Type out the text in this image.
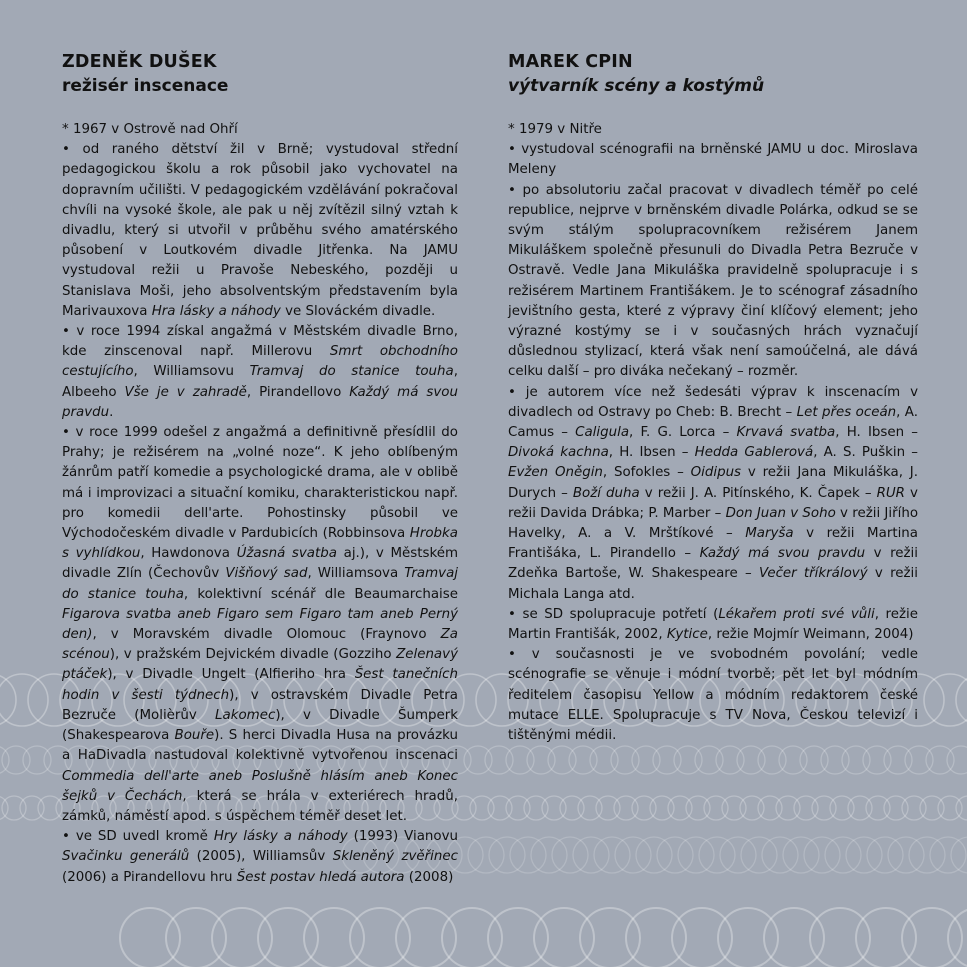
ZDENĚK DUŠEK
režisér inscenace

* 1967 v Ostrově nad Ohří

• od raného dětství žil v Brně; vystudoval střední pedagogickou školu a rok působil jako vychovatel na dopravním učilišti. V pedagogickém vzdělávání pokračoval chvíli na vysoké škole, ale pak u něj zvítězil silný vztah k divadlu, který si utvořil v průběhu svého amatérského působení v Loutkovém divadle Jitřenka. Na JAMU vystudoval režii u Pravoše Nebeského, později u Stanislava Moši, jeho absolventským představením byla Marivauxova Hra lásky a náhody ve Slováckém divadle.

• v roce 1994 získal angažmá v Městském divadle Brno, kde zinscenoval např. Millerovu Smrt obchodního cestujícího, Williamsovu Tramvaj do stanice touha, Albeeho Vše je v zahradě, Pirandellovo Každý má svou pravdu.

• v roce 1999 odešel z angažmá a definitivně přesídlil do Prahy; je režisérem na „volné noze“. K jeho oblíbeným žánrům patří komedie a psychologické drama, ale v oblibě má i improvizaci a situační komiku, charakteristickou např. pro komedii dell'arte. Pohostinsky působil ve Východočeském divadle v Pardubicích (Robbinsova Hrobka s vyhlídkou, Hawdonova Úžasná svatba aj.), v Městském divadle Zlín (Čechovův Višňový sad, Williamsova Tramvaj do stanice touha, kolektivní scénář dle Beaumarchaise Figarova svatba aneb Figaro sem Figaro tam aneb Perný den), v Moravském divadle Olomouc (Fraynovo Za scénou), v pražském Dejvickém divadle (Gozziho Zelenavý ptáček), v Divadle Ungelt (Alfieriho hra Šest tanečních hodin v šesti týdnech), v ostravském Divadle Petra Bezruče (Molièrův Lakomec), v Divadle Šumperk (Shakespearova Bouře). S herci Divadla Husa na provázku a HaDivadla nastudoval kolektivně vytvořenou inscenaci Commedia dell'arte aneb Poslušně hlásím aneb Konec šejků v Čechách, která se hrála v exteriérech hradů, zámků, náměstí apod. s úspěchem téměř deset let.

• ve SD uvedl kromě Hry lásky a náhody (1993) Vianovu Svačinku generálů (2005), Williamsův Skleněný zvěřinec (2006) a Pirandellovu hru Šest postav hledá autora (2008)

MAREK CPIN
výtvarník scény a kostýmů

* 1979 v Nitře

• vystudoval scénografii na brněnské JAMU u doc. Miroslava Meleny

• po absolutoriu začal pracovat v divadlech téměř po celé republice, nejprve v brněnském divadle Polárka, odkud se se svým stálým spolupracovníkem režisérem Janem Mikuláškem společně přesunuli do Divadla Petra Bezruče v Ostravě. Vedle Jana Mikuláška pravidelně spolupracuje i s režisérem Martinem Františákem. Je to scénograf zásadního jevištního gesta, které z výpravy činí klíčový element; jeho výrazné kostýmy se i v současných hrách vyznačují důslednou stylizací, která však není samoúčelná, ale dává celku další – pro diváka nečekaný – rozměr.

• je autorem více než šedesáti výprav k inscenacím v divadlech od Ostravy po Cheb: B. Brecht – Let přes oceán, A. Camus – Caligula, F. G. Lorca – Krvavá svatba, H. Ibsen – Divoká kachna, H. Ibsen – Hedda Gablerová, A. S. Puškin – Evžen Oněgin, Sofokles – Oidipus v režii Jana Mikuláška, J. Durych – Boží duha v režii J. A. Pitínského, K. Čapek – RUR v režii Davida Drábka; P. Marber – Don Juan v Soho v režii Jiřího Havelky, A. a V. Mrštíkové – Maryša v režii Martina Františáka, L. Pirandello – Každý má svou pravdu v režii Zdeňka Bartoše, W. Shakespeare – Večer tříkrálový v režii Michala Langa atd.

• se SD spolupracuje potřetí (Lékařem proti své vůli, režie Martin Františák, 2002, Kytice, režie Mojmír Weimann, 2004)

• v současnosti je ve svobodném povolání; vedle scénografie se věnuje i módní tvorbě; pět let byl módním ředitelem časopisu Yellow a módním redaktorem české mutace ELLE. Spolupracuje s TV Nova, Českou televizí i tištěnými médii.
